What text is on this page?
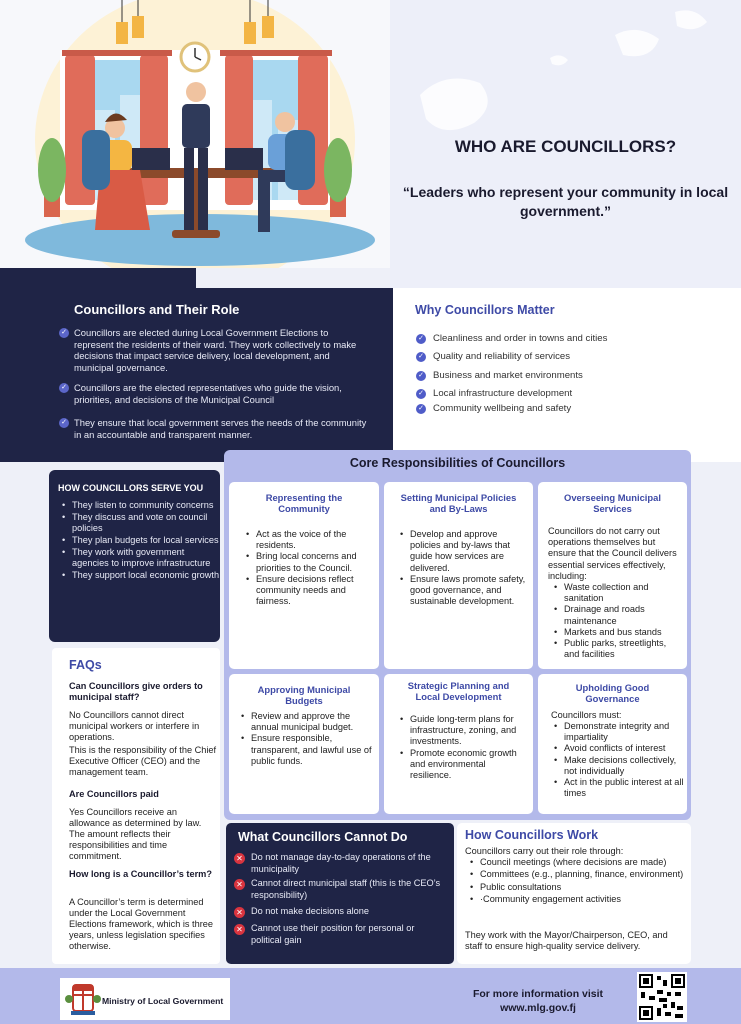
WHO ARE COUNCILLORS?
“Leaders who represent your community in local government.”
Councillors and Their Role
✓ Councillors are elected during Local Government Elections to represent the residents of their ward. They work collectively to make decisions that impact service delivery, local development, and municipal governance.
✓ Councillors are the elected representatives who guide the vision, priorities, and decisions of the Municipal Council
✓ They ensure that local government serves the needs of the community in an accountable and transparent manner.
Why Councillors Matter
✓ Cleanliness and order in towns and cities
✓ Quality and reliability of services
✓ Business and market environments
✓ Local infrastructure development
✓ Community wellbeing and safety
HOW COUNCILLORS SERVE YOU
• They listen to community concerns
• They discuss and vote on council policies
• They plan budgets for local services
• They work with government agencies to improve infrastructure
• They support local economic growth
Representing the Community
• Act as the voice of the residents.
• Bring local concerns and priorities to the Council.
• Ensure decisions reflect community needs and fairness.
Setting Municipal Policies and By-Laws
• Develop and approve policies and by-laws that guide how services are delivered.
• Ensure laws promote safety, good governance, and sustainable development.
Overseeing Municipal Services

Councillors do not carry out operations themselves but ensure that the Council delivers essential services effectively, including:

• Waste collection and sanitation
• Drainage and roads maintenance
• Markets and bus stands
• Public parks, streetlights, and facilities
Approving Municipal Budgets
• Review and approve the annual municipal budget.
• Ensure responsible, transparent, and lawful use of public funds.
Strategic Planning and Local Development
• Guide long-term plans for infrastructure, zoning, and investments.
• Promote economic growth and environmental resilience.
Upholding Good Governance

Councillors must:

• Demonstrate integrity and impartiality
• Avoid conflicts of interest
• Make decisions collectively, not individually
• Act in the public interest at all times
Core Responsibilities of Councillors
FAQs
Can Councillors give orders to municipal staff?
No Councillors cannot direct municipal workers or interfere in operations.
This is the responsibility of the Chief Executive Officer (CEO) and the management team.
Are Councillors paid
Yes Councillors receive an allowance as determined by law. The amount reflects their responsibilities and time commitment.
How long is a Councillor’s term?
A Councillor’s term is determined under the Local Government Elections framework, which is three years, unless legislation specifies otherwise.
What Councillors Cannot Do
✕ Do not manage day-to-day operations of the municipality
✕ Cannot direct municipal staff (this is the CEO’s responsibility)
✕ Do not make decisions alone
✕ Cannot use their position for personal or political gain
How Councillors Work
Councillors carry out their role through:
• Council meetings (where decisions are made)
• Committees (e.g., planning, finance, environment)
• Public consultations
• ·Community engagement activities
They work with the Mayor/Chairperson, CEO, and staff to ensure high-quality service delivery.
Ministry of Local Government
For more information visit
www.mlg.gov.fj
